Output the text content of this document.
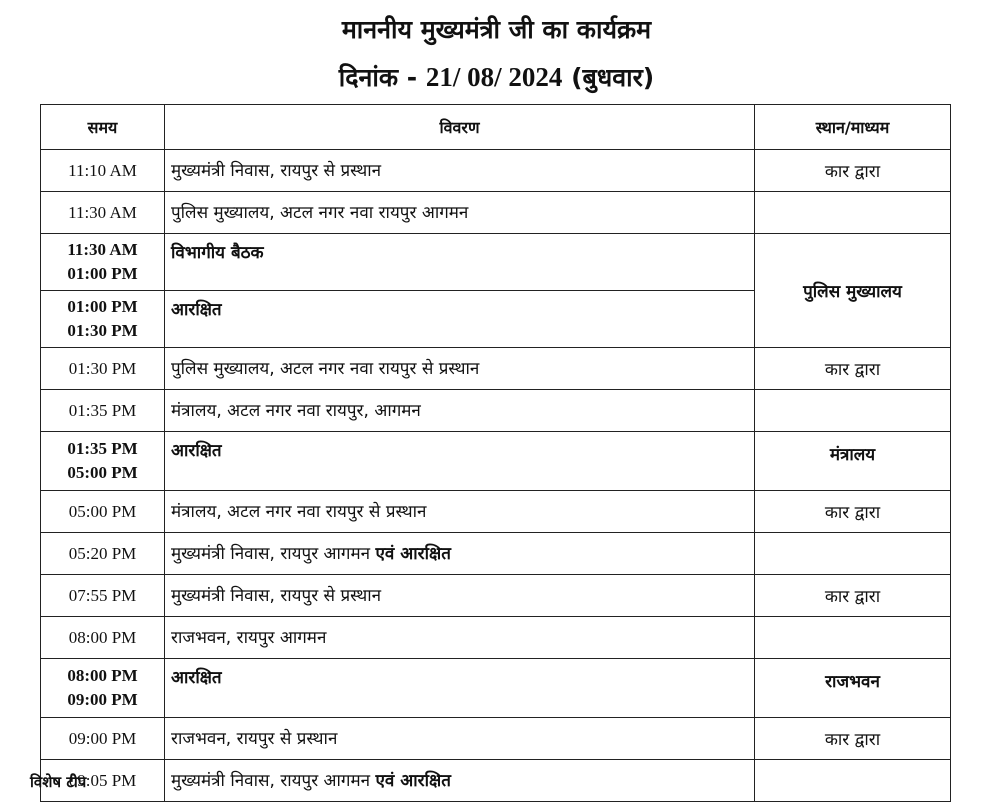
माननीय मुख्यमंत्री जी का कार्यक्रम
दिनांक - 21/ 08/ 2024 (बुधवार)
समय	विवरण	स्थान/माध्यम
11:10 AM	मुख्यमंत्री निवास, रायपुर से प्रस्थान	कार द्वारा
11:30 AM	पुलिस मुख्यालय, अटल नगर नवा रायपुर आगमन	

11:30 AM
01:00 PM	विभागीय बैठक	पुलिस मुख्यालय

01:00 PM
01:30 PM	आरक्षित	
01:30 PM	पुलिस मुख्यालय, अटल नगर नवा रायपुर से प्रस्थान	कार द्वारा
01:35 PM	मंत्रालय, अटल नगर नवा रायपुर, आगमन	

01:35 PM
05:00 PM	आरक्षित	मंत्रालय
05:00 PM	मंत्रालय, अटल नगर नवा रायपुर से प्रस्थान	कार द्वारा
05:20 PM	मुख्यमंत्री निवास, रायपुर आगमन एवं आरक्षित	
07:55 PM	मुख्यमंत्री निवास, रायपुर से प्रस्थान	कार द्वारा
08:00 PM	राजभवन, रायपुर आगमन	

08:00 PM
09:00 PM	आरक्षित	राजभवन
09:00 PM	राजभवन, रायपुर से प्रस्थान	कार द्वारा
09:05 PM	मुख्यमंत्री निवास, रायपुर आगमन एवं आरक्षित	
विशेष टीप
